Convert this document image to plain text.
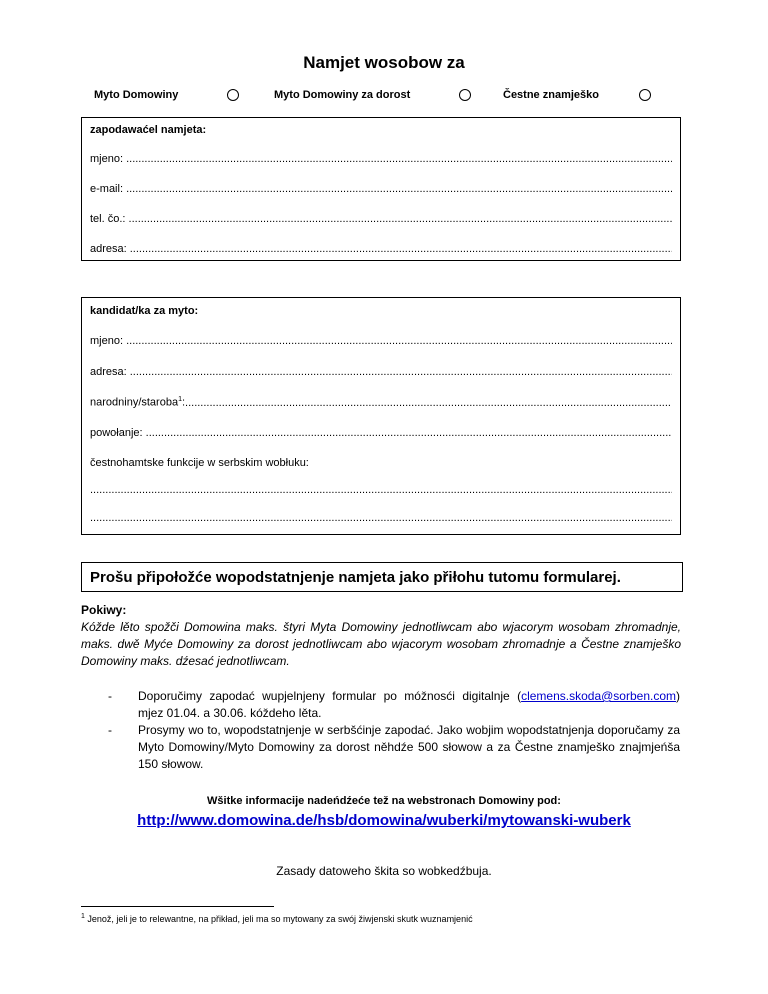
Namjet wosobow za
Myto Domowiny	Myto Domowiny za dorost	Čestne znamješko
zapodawaćel namjeta:
mjeno: .....
e-mail: .....
tel. čo.: .....
adresa: .....
kandidat/ka za myto:
mjeno: .....
adresa: .....
narodniny/staroba$^1$: .....
powołanje: .....
čestnohamtske funkcije w serbskim wobłuku:
.....
.....
Prošu připołožće wopodstatnjenje namjeta jako přiłohu tutomu formularej.
Pokiwy:
Kóžde lěto spožči Domowina maks. štyri Myta Domowiny jednotliwcam abo wjacorym wosobam zhromadnje, maks. dwě Myće Domowiny za dorost jednotliwcam abo wjacorym wosobam zhromadnje a Čestne znamješko Domowiny maks. dźesać jednotliwcam.
- Doporučimy zapodać wupjelnjeny formular po móžnosći digitalnje (clemens.skoda@sorben.com) mjez 01.04. a 30.06. kóždeho lěta.
- Prosymy wo to, wopodstatnjenje w serbšćinje zapodać. Jako wobjim wopodstatnjenja doporučamy za Myto Domowiny/Myto Domowiny za dorost něhdźe 500 słowow a za Čestne znamješko znajmjeńša 150 słowow.
Wšitke informacije nadeńdźeće tež na webstronach Domowiny pod:
http://www.domowina.de/hsb/domowina/wuberki/mytowanski-wuberk
Zasady datoweho škita so wobkedźbuja.
$^1$ Jenož, jeli je to relewantne, na přikład, jeli ma so mytowany za swój žiwjenski skutk wuznamjenić
